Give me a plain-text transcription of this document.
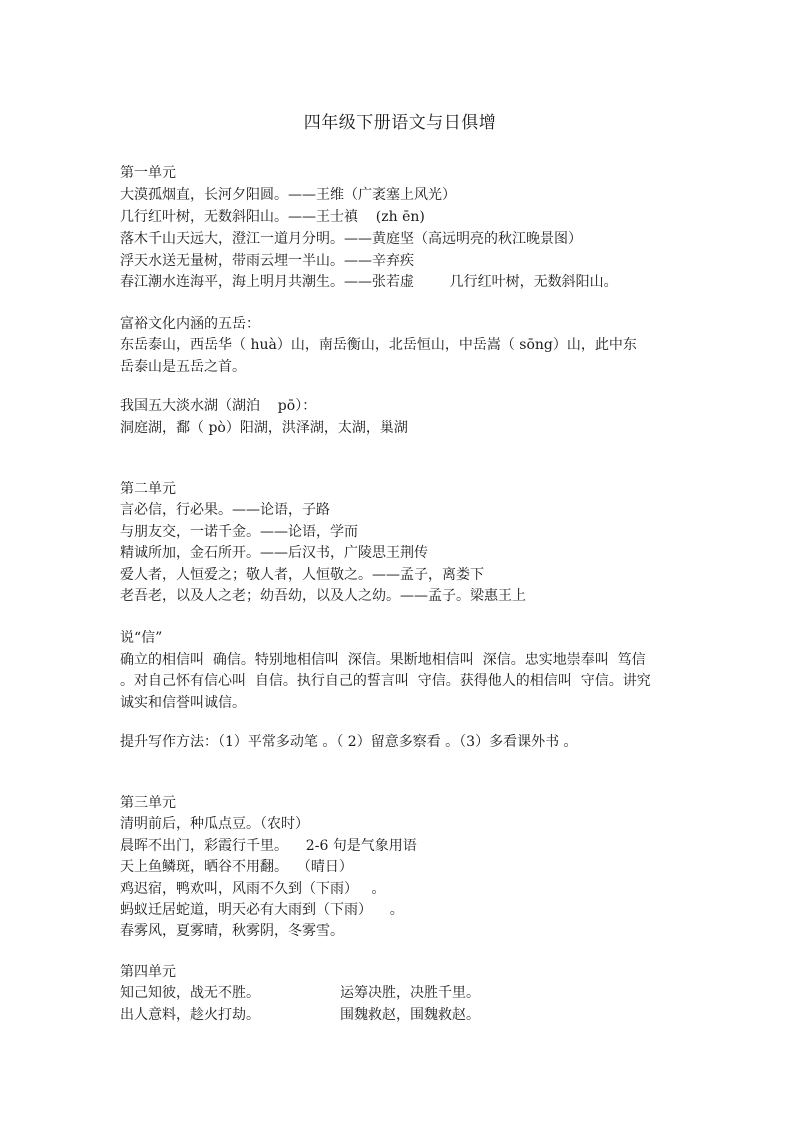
四年级下册语文与日俱增
第一单元
大漠孤烟直，长河夕阳圆。——王维（广袤塞上风光）
几行红叶树，无数斜阳山。——王士禛    (zh ēn)
落木千山天远大，澄江一道月分明。——黄庭坚（高远明亮的秋江晚景图）
浮天水送无量树，带雨云埋一半山。——辛弃疾
春江潮水连海平，海上明月共潮生。——张若虚        几行红叶树，无数斜阳山。
富裕文化内涵的五岳：
东岳泰山，西岳华（ huà）山，南岳衡山，北岳恒山，中岳嵩（ sōng）山，此中东
岳泰山是五岳之首。
我国五大淡水湖（湖泊    pō）：
洞庭湖，鄱（ pò）阳湖，洪泽湖，太湖，巢湖
第二单元
言必信，行必果。——论语，子路
与朋友交，一诺千金。——论语，学而
精诚所加，金石所开。——后汉书，广陵思王荆传
爱人者，人恒爱之；敬人者，人恒敬之。——孟子，离娄下
老吾老，以及人之老；幼吾幼，以及人之幼。——孟子。梁惠王上
说“信”
确立的相信叫  确信。特别地相信叫  深信。果断地相信叫  深信。忠实地崇奉叫  笃信
。对自己怀有信心叫  自信。执行自己的誓言叫  守信。获得他人的相信叫  守信。讲究
诚实和信誉叫诚信。
提升写作方法：（1）平常多动笔 。（ 2）留意多察看 。（3）多看课外书 。
第三单元
清明前后，种瓜点豆。（农时）
晨晖不出门，彩霞行千里。    2-6 句是气象用语
天上鱼鳞斑，晒谷不用翻。  （晴日）
鸡迟宿，鸭欢叫，风雨不久到（下雨）   。
蚂蚁迁居蛇道，明天必有大雨到（下雨）    。
春雾风，夏雾晴，秋雾阴，冬雾雪。
第四单元
知己知彼，战无不胜。	运筹决胜，决胜千里。
出人意料，趁火打劫。	围魏救赵，围魏救赵。
